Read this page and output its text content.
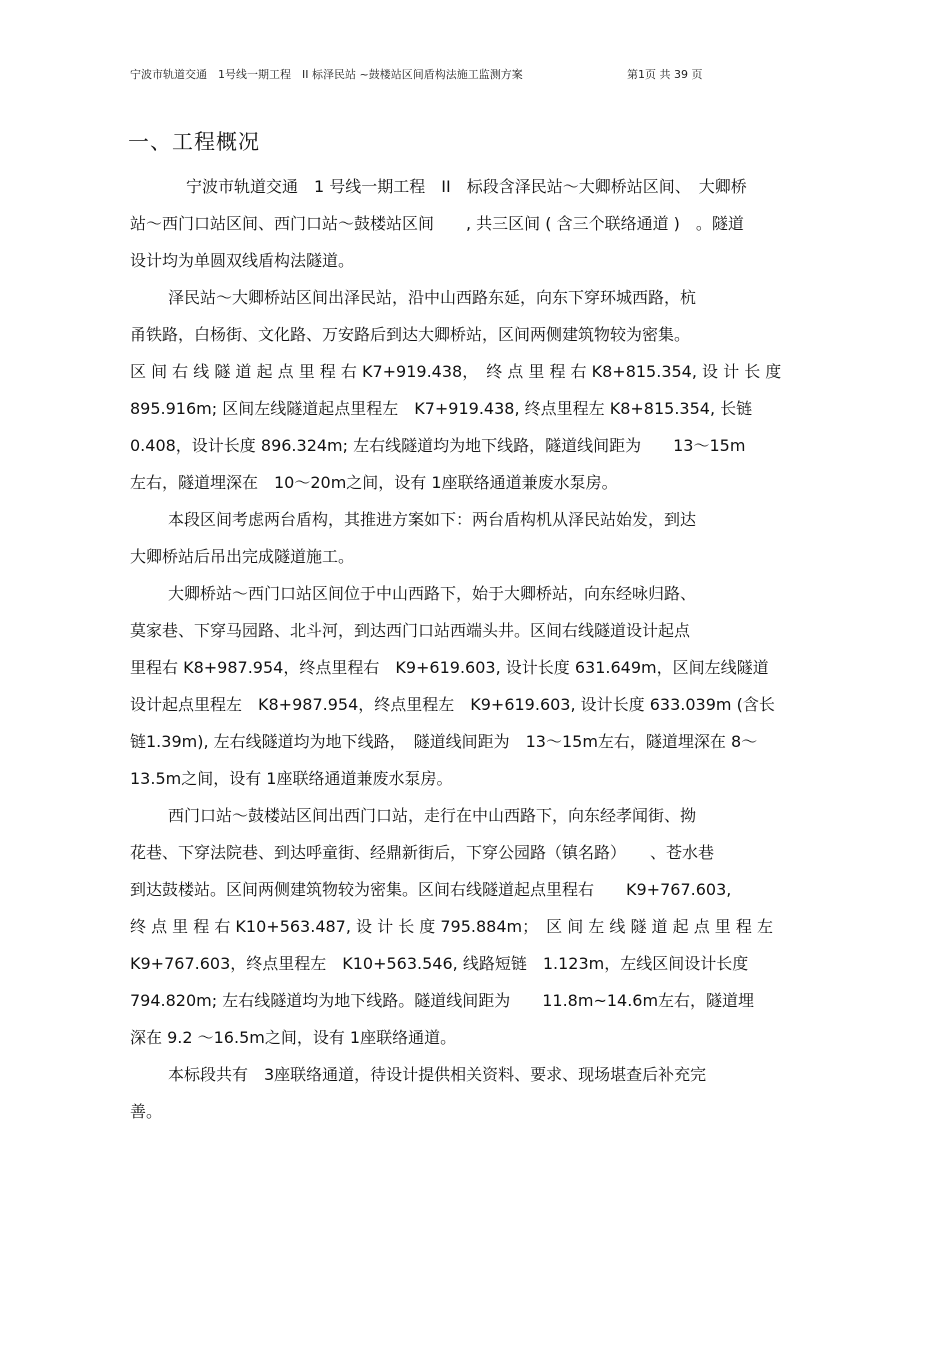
宁波市轨道交通　1号线一期工程　II 标泽民站 ~鼓楼站区间盾构法施工监测方案	第1页 共 39 页
一、工程概况
宁波市轨道交通　1 号线一期工程　II　标段含泽民站～大卿桥站区间、　大卿桥
站～西门口站区间、西门口站～鼓楼站区间　　, 共三区间 ( 含三个联络通道 )　。隧道
设计均为单圆双线盾构法隧道。
泽民站～大卿桥站区间出泽民站，沿中山西路东延，向东下穿环城西路，杭
甬铁路，白杨街、文化路、万安路后到达大卿桥站，区间两侧建筑物较为密集。
区 间 右 线 隧 道 起 点 里 程 右 K7+919.438，　终 点 里 程 右 K8+815.354, 设 计 长 度
895.916m; 区间左线隧道起点里程左　K7+919.438, 终点里程左 K8+815.354, 长链
0.408，设计长度 896.324m; 左右线隧道均为地下线路，隧道线间距为　　13～15m
左右，隧道埋深在　10～20m之间，设有 1座联络通道兼废水泵房。
本段区间考虑两台盾构，其推进方案如下：两台盾构机从泽民站始发，到达
大卿桥站后吊出完成隧道施工。
大卿桥站～西门口站区间位于中山西路下，始于大卿桥站，向东经咏归路、
莫家巷、下穿马园路、北斗河，到达西门口站西端头井。区间右线隧道设计起点
里程右 K8+987.954，终点里程右　K9+619.603, 设计长度 631.649m，区间左线隧道
设计起点里程左　K8+987.954，终点里程左　K9+619.603, 设计长度 633.039m (含长
链1.39m), 左右线隧道均为地下线路，　隧道线间距为　13～15m左右，隧道埋深在 8～
13.5m之间，设有 1座联络通道兼废水泵房。
西门口站～鼓楼站区间出西门口站，走行在中山西路下，向东经孝闻街、拗
花巷、下穿法院巷、到达呼童街、经鼎新街后，下穿公园路（镇名路）　　、苍水巷
到达鼓楼站。区间两侧建筑物较为密集。区间右线隧道起点里程右　　K9+767.603,
终 点 里 程 右 K10+563.487, 设 计 长 度 795.884m；　区 间 左 线 隧 道 起 点 里 程 左
K9+767.603，终点里程左　K10+563.546, 线路短链　1.123m，左线区间设计长度
794.820m; 左右线隧道均为地下线路。隧道线间距为　　11.8m~14.6m左右，隧道埋
深在 9.2 ～16.5m之间，设有 1座联络通道。
本标段共有　3座联络通道，待设计提供相关资料、要求、现场堪查后补充完
善。
